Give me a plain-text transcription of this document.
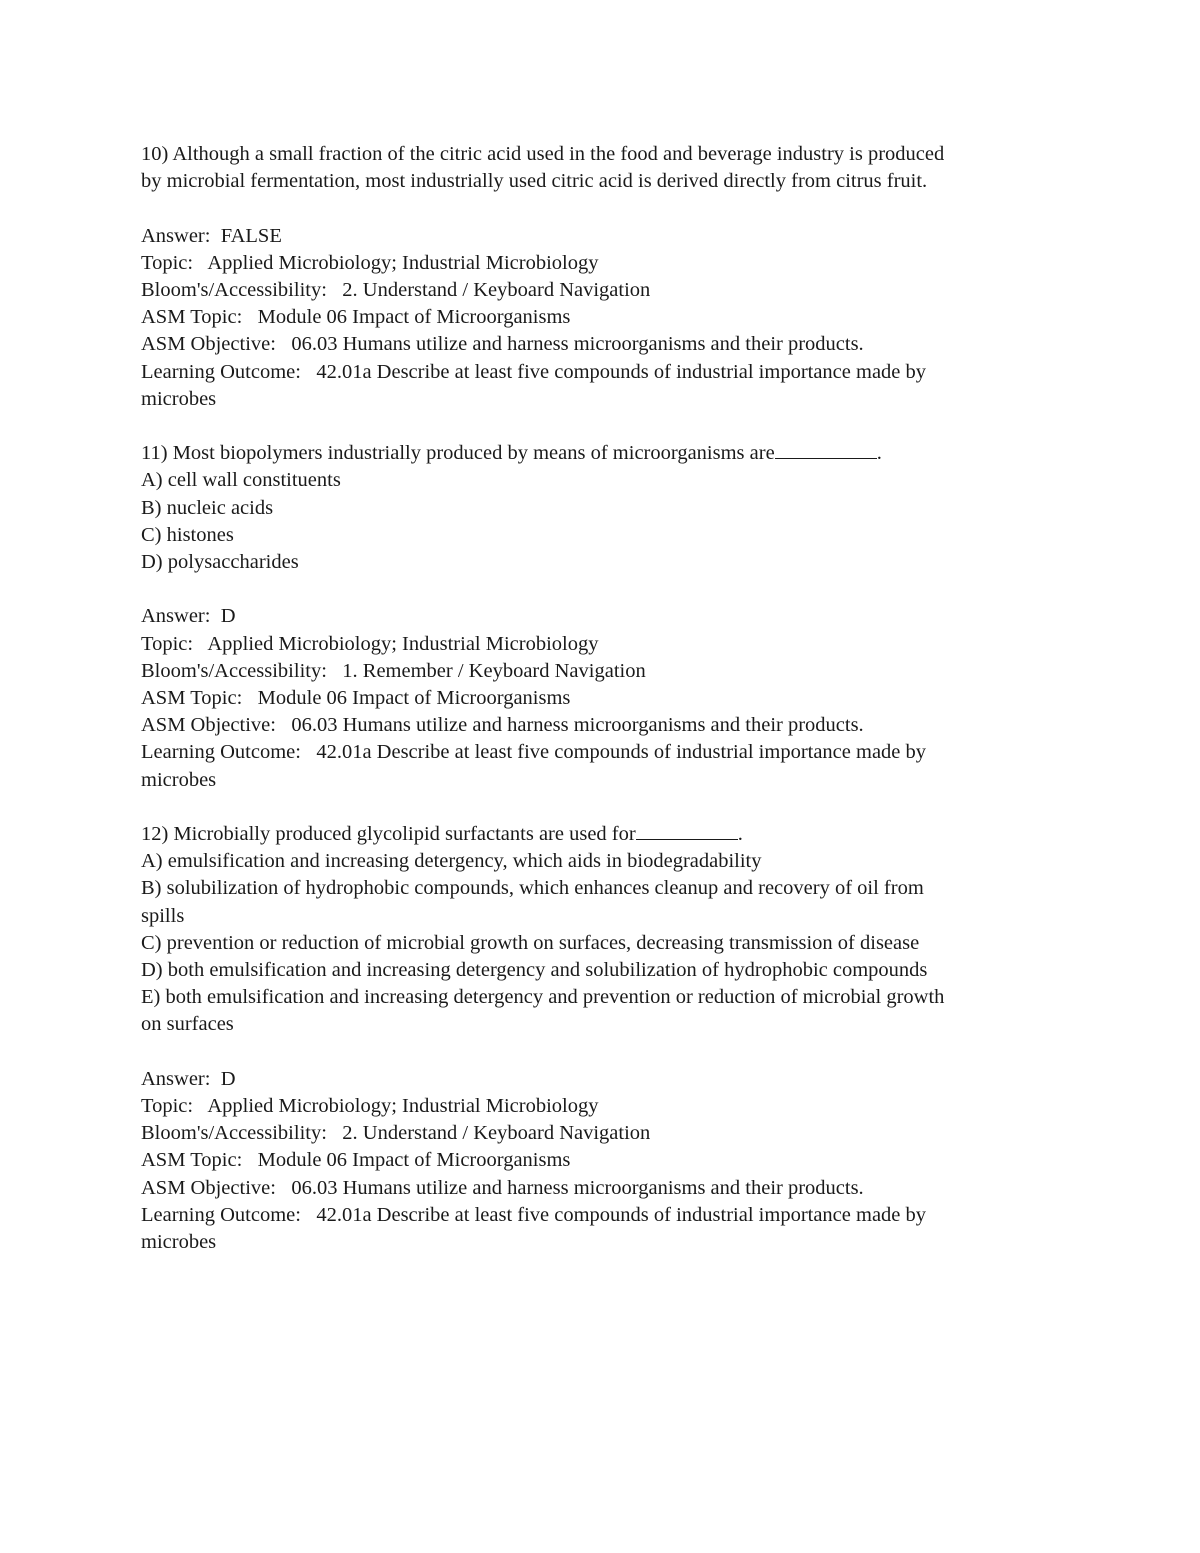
10) Although a small fraction of the citric acid used in the food and beverage industry is produced

by microbial fermentation, most industrially used citric acid is derived directly from citrus fruit.

Answer:  FALSE

Topic:   Applied Microbiology; Industrial Microbiology

Bloom's/Accessibility:   2. Understand / Keyboard Navigation

ASM Topic:   Module 06 Impact of Microorganisms

ASM Objective:   06.03 Humans utilize and harness microorganisms and their products.

Learning Outcome:   42.01a Describe at least five compounds of industrial importance made by

microbes

11) Most biopolymers industrially produced by means of microorganisms are	.

A) cell wall constituents

B) nucleic acids

C) histones

D) polysaccharides

Answer:  D

Topic:   Applied Microbiology; Industrial Microbiology

Bloom's/Accessibility:   1. Remember / Keyboard Navigation

ASM Topic:   Module 06 Impact of Microorganisms

ASM Objective:   06.03 Humans utilize and harness microorganisms and their products.

Learning Outcome:   42.01a Describe at least five compounds of industrial importance made by

microbes

12) Microbially produced glycolipid surfactants are used for	.

A) emulsification and increasing detergency, which aids in biodegradability

B) solubilization of hydrophobic compounds, which enhances cleanup and recovery of oil from

spills

C) prevention or reduction of microbial growth on surfaces, decreasing transmission of disease

D) both emulsification and increasing detergency and solubilization of hydrophobic compounds

E) both emulsification and increasing detergency and prevention or reduction of microbial growth

on surfaces

Answer:  D

Topic:   Applied Microbiology; Industrial Microbiology

Bloom's/Accessibility:   2. Understand / Keyboard Navigation

ASM Topic:   Module 06 Impact of Microorganisms

ASM Objective:   06.03 Humans utilize and harness microorganisms and their products.

Learning Outcome:   42.01a Describe at least five compounds of industrial importance made by

microbes
